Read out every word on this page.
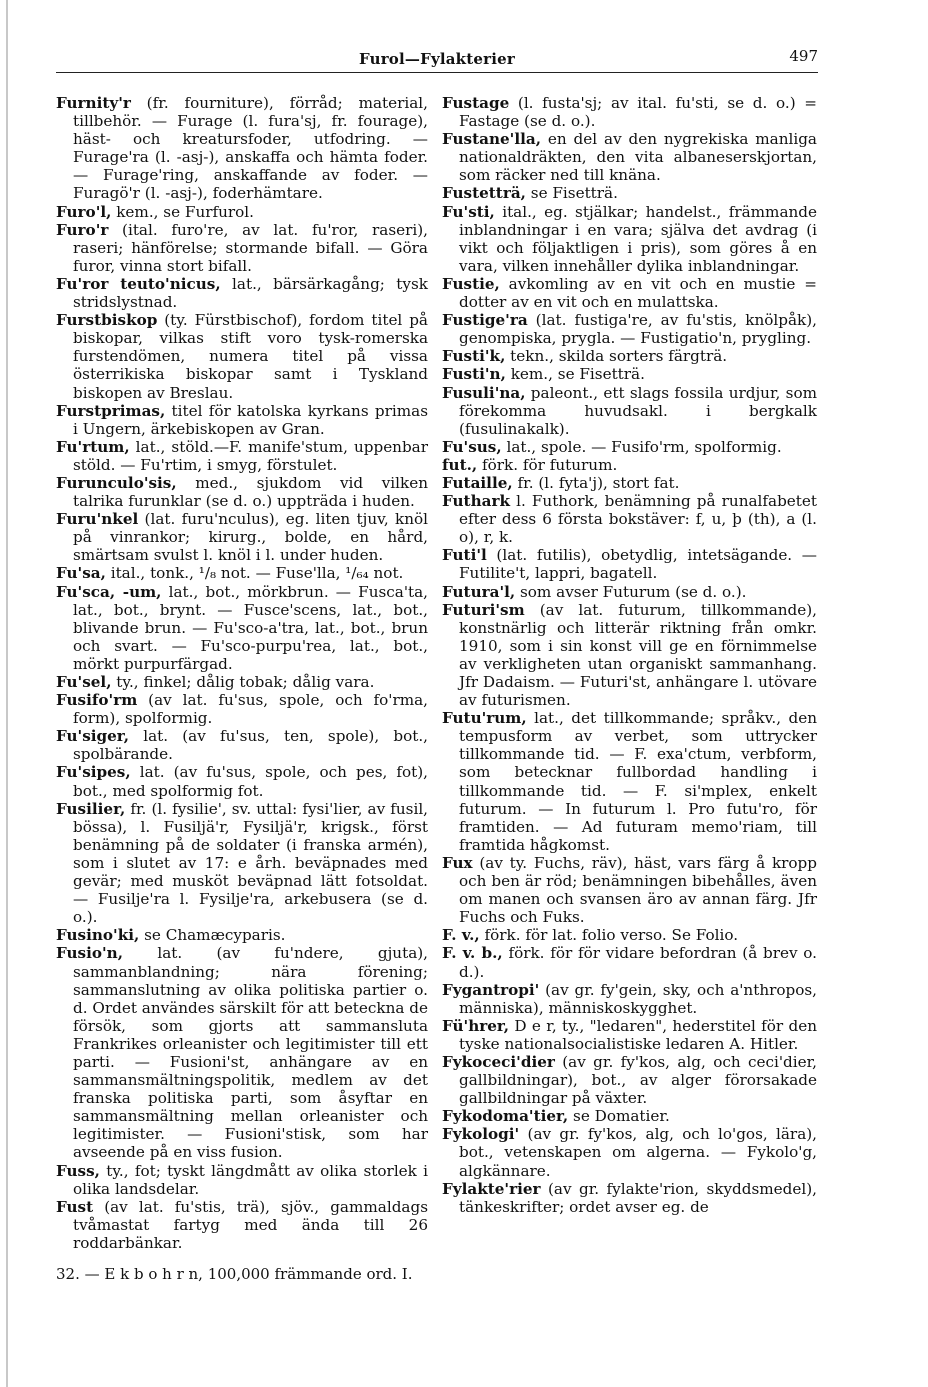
Furol—Fylakterier	497

Furnity'r (fr. fourniture), förråd; material, tillbehör. — Furage (l. fura'sj, fr. fourage), häst- och kreatursfoder, utfodring. — Furage'ra (l. -asj-), anskaffa och hämta foder. — Furage'ring, anskaffande av foder. — Furagö'r (l. -asj-), foderhämtare.

Furo'l, kem., se Furfurol.

Furo'r (ital. furo're, av lat. fu'ror, raseri), raseri; hänförelse; stormande bifall. — Göra furor, vinna stort bifall.

Fu'ror teuto'nicus, lat., bärsärkagång; tysk stridslystnad.

Furstbiskop (ty. Fürstbischof), fordom titel på biskopar, vilkas stift voro tysk-romerska furstendömen, numera titel på vissa österrikiska biskopar samt i Tyskland biskopen av Breslau.

Furstprimas, titel för katolska kyrkans primas i Ungern, ärkebiskopen av Gran.

Fu'rtum, lat., stöld.—F. manife'stum, uppenbar stöld. — Fu'rtim, i smyg, förstulet.

Furunculo'sis, med., sjukdom vid vilken talrika furunklar (se d. o.) uppträda i huden.

Furu'nkel (lat. furu'nculus), eg. liten tjuv, knöl på vinrankor; kirurg., bolde, en hård, smärtsam svulst l. knöl i l. under huden.

Fu'sa, ital., tonk., ¹/₈ not. — Fuse'lla, ¹/₆₄ not.

Fu'sca, -um, lat., bot., mörkbrun. — Fusca'ta, lat., bot., brynt. — Fusce'scens, lat., bot., blivande brun. — Fu'sco-a'tra, lat., bot., brun och svart. — Fu'sco-purpu'rea, lat., bot., mörkt purpurfärgad.

Fu'sel, ty., finkel; dålig tobak; dålig vara.

Fusifo'rm (av lat. fu'sus, spole, och fo'rma, form), spolformig.

Fu'siger, lat. (av fu'sus, ten, spole), bot., spolbärande.

Fu'sipes, lat. (av fu'sus, spole, och pes, fot), bot., med spolformig fot.

Fusilier, fr. (l. fysilie', sv. uttal: fysi'lier, av fusil, bössa), l. Fusiljä'r, Fysiljä'r, krigsk., först benämning på de soldater (i franska armén), som i slutet av 17: e årh. beväpnades med gevär; med musköt beväpnad lätt fotsoldat. — Fusilje'ra l. Fysilje'ra, arkebusera (se d. o.).

Fusino'ki, se Chamæcyparis.

Fusio'n, lat. (av fu'ndere, gjuta), sammanblandning; nära förening; sammanslutning av olika politiska partier o. d. Ordet användes särskilt för att beteckna de försök, som gjorts att sammansluta Frankrikes orleanister och legitimister till ett parti. — Fusioni'st, anhängare av en sammansmältningspolitik, medlem av det franska politiska parti, som åsyftar en sammansmältning mellan orleanister och legitimister. — Fusioni'stisk, som har avseende på en viss fusion.

Fuss, ty., fot; tyskt längdmått av olika storlek i olika landsdelar.

Fust (av lat. fu'stis, trä), sjöv., gammaldags tvåmastat fartyg med ända till 26 roddarbänkar.

Fustage (l. fusta'sj; av ital. fu'sti, se d. o.) = Fastage (se d. o.).

Fustane'lla, en del av den nygrekiska manliga nationaldräkten, den vita albaneserskjortan, som räcker ned till knäna.

Fustetträ, se Fisetträ.

Fu'sti, ital., eg. stjälkar; handelst., främmande inblandningar i en vara; själva det avdrag (i vikt och följaktligen i pris), som göres å en vara, vilken innehåller dylika inblandningar.

Fustie, avkomling av en vit och en mustie = dotter av en vit och en mulattska.

Fustige'ra (lat. fustiga're, av fu'stis, knölpåk), genompiska, prygla. — Fustigatio'n, prygling.

Fusti'k, tekn., skilda sorters färgträ.

Fusti'n, kem., se Fisetträ.

Fusuli'na, paleont., ett slags fossila urdjur, som förekomma huvudsakl. i bergkalk (fusulinakalk).

Fu'sus, lat., spole. — Fusifo'rm, spolformig.

fut., förk. för futurum.

Futaille, fr. (l. fyta'j), stort fat.

Futhark l. Futhork, benämning på runalfabetet efter dess 6 första bokstäver: f, u, þ (th), a (l. o), r, k.

Futi'l (lat. futilis), obetydlig, intetsägande. — Futilite't, lappri, bagatell.

Futura'l, som avser Futurum (se d. o.).

Futuri'sm (av lat. futurum, tillkommande), konstnärlig och litterär riktning från omkr. 1910, som i sin konst vill ge en förnimmelse av verkligheten utan organiskt sammanhang. Jfr Dadaism. — Futuri'st, anhängare l. utövare av futurismen.

Futu'rum, lat., det tillkommande; språkv., den tempusform av verbet, som uttrycker tillkommande tid. — F. exa'ctum, verbform, som betecknar fullbordad handling i tillkommande tid. — F. si'mplex, enkelt futurum. — In futurum l. Pro futu'ro, för framtiden. — Ad futuram memo'riam, till framtida hågkomst.

Fux (av ty. Fuchs, räv), häst, vars färg å kropp och ben är röd; benämningen bibehålles, även om manen och svansen äro av annan färg. Jfr Fuchs och Fuks.

F. v., förk. för lat. folio verso. Se Folio.

F. v. b., förk. för för vidare befordran (å brev o. d.).

Fygantropi' (av gr. fy'gein, sky, och a'nthropos, människa), människoskygghet.

Fü'hrer, D e r, ty., "ledaren", hederstitel för den tyske nationalsocialistiske ledaren A. Hitler.

Fykoceci'dier (av gr. fy'kos, alg, och ceci'dier, gallbildningar), bot., av alger förorsakade gallbildningar på växter.

Fykodoma'tier, se Domatier.

Fykologi' (av gr. fy'kos, alg, och lo'gos, lära), bot., vetenskapen om algerna. — Fykolo'g, algkännare.

Fylakte'rier (av gr. fylakte'rion, skyddsmedel), tänkeskrifter; ordet avser eg. de

32. — E k b o h r n, 100,000 främmande ord. I.
